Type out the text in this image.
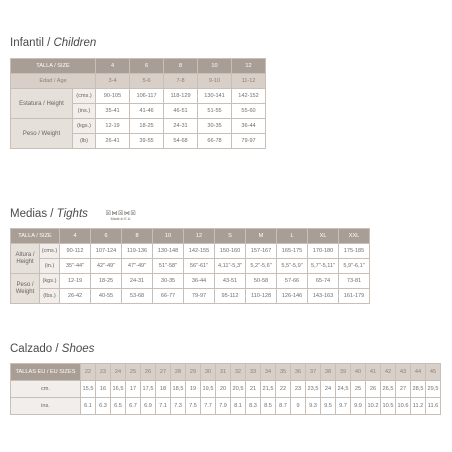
Infantil / Children
TALLA / SIZE		4	6	8	10	12
Edad / Age		3-4	5-6	7-8	9-10	11-12
Estatura / Height	(cms.)	90-105	106-117	118-129	130-141	142-152
	(ins.)	35-41	41-46	46-51	51-55	55-60
Peso / Weight	(kgs.)	12-19	18-25	24-31	30-35	36-44
	(lb)	26-41	39-55	54-68	66-78	79-97
Medias / Tights	☒⋈☒⋈☒
Made in E.U.
TALLA / SIZE		4	6	8	10	12	S	M	L	XL	XXL
Altura / Height	(cms.)	90-112	107-124	119-136	130-148	142-155	150-160	157-167	165-175	170-180	175-185
	(in.)	35"-44"	42"-49"	47"-49"	51"-58"	56"-61"	4,11"-5,3"	5,2"-5,6"	5,5"-5,9"	5,7"-5,11"	5,9"-6,1"
Peso / Weight	(kgs.)	12-19	18-25	24-31	30-35	36-44	43-51	50-58	57-66	65-74	73-81
	(lbs.)	26-42	40-55	53-68	66-77	79-97	95-112	110-128	126-146	143-163	161-179
Calzado / Shoes
TALLAS EU / EU SIZES	22	23	24	25	26	27	28	29	30	31	32	33	34	35	36	37	38	39	40	41	42	43	44	45
cm.	15,5	16	16,5	17	17,5	18	18,5	19	19,5	20	20,5	21	21,5	22	23	23,5	24	24,5	25	26	26,5	27	28,5	29,5
ins.	6.1	6.3	6.5	6.7	6.9	7.1	7.3	7.5	7.7	7.9	8.1	8.3	8.5	8.7	9	9.3	9.5	9.7	9.9	10.2	10.5	10.6	11.2	11.6
